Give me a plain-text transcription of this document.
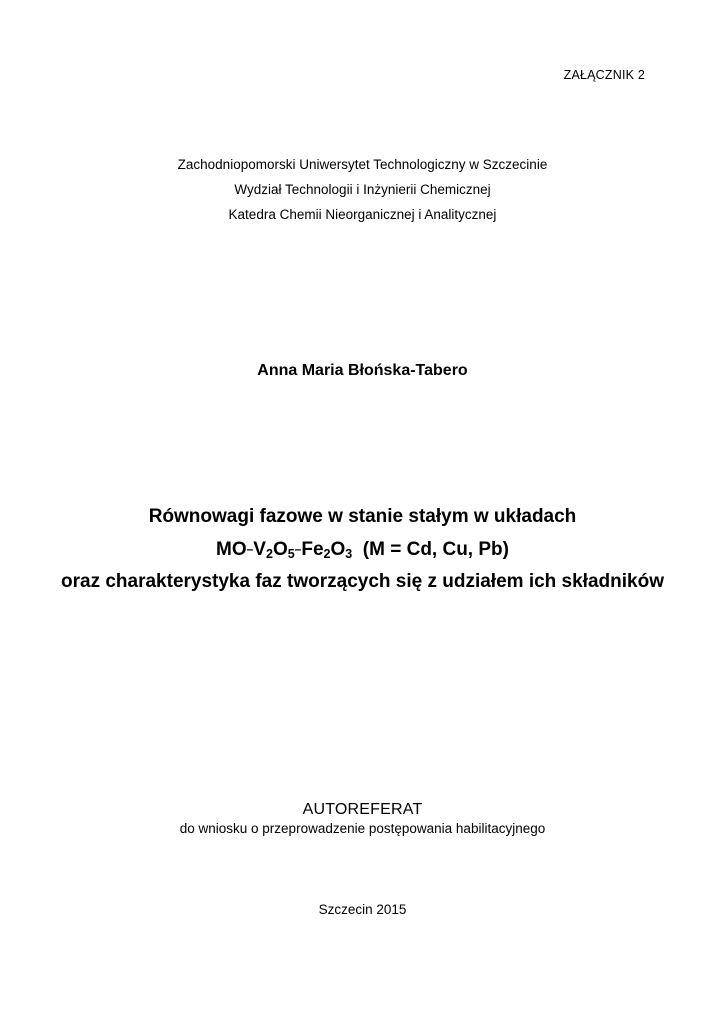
ZAŁĄCZNIK 2
Zachodniopomorski Uniwersytet Technologiczny w Szczecinie
Wydział Technologii i Inżynierii Chemicznej
Katedra Chemii Nieorganicznej i Analitycznej
Anna Maria Błońska-Tabero
Równowagi fazowe w stanie stałym w układach
$MO-V_2O_5-Fe_2O_3$  (M = Cd, Cu, Pb)
oraz charakterystyka faz tworzących się z udziałem ich składników
AUTOREFERAT
do wniosku o przeprowadzenie postępowania habilitacyjnego
Szczecin 2015
